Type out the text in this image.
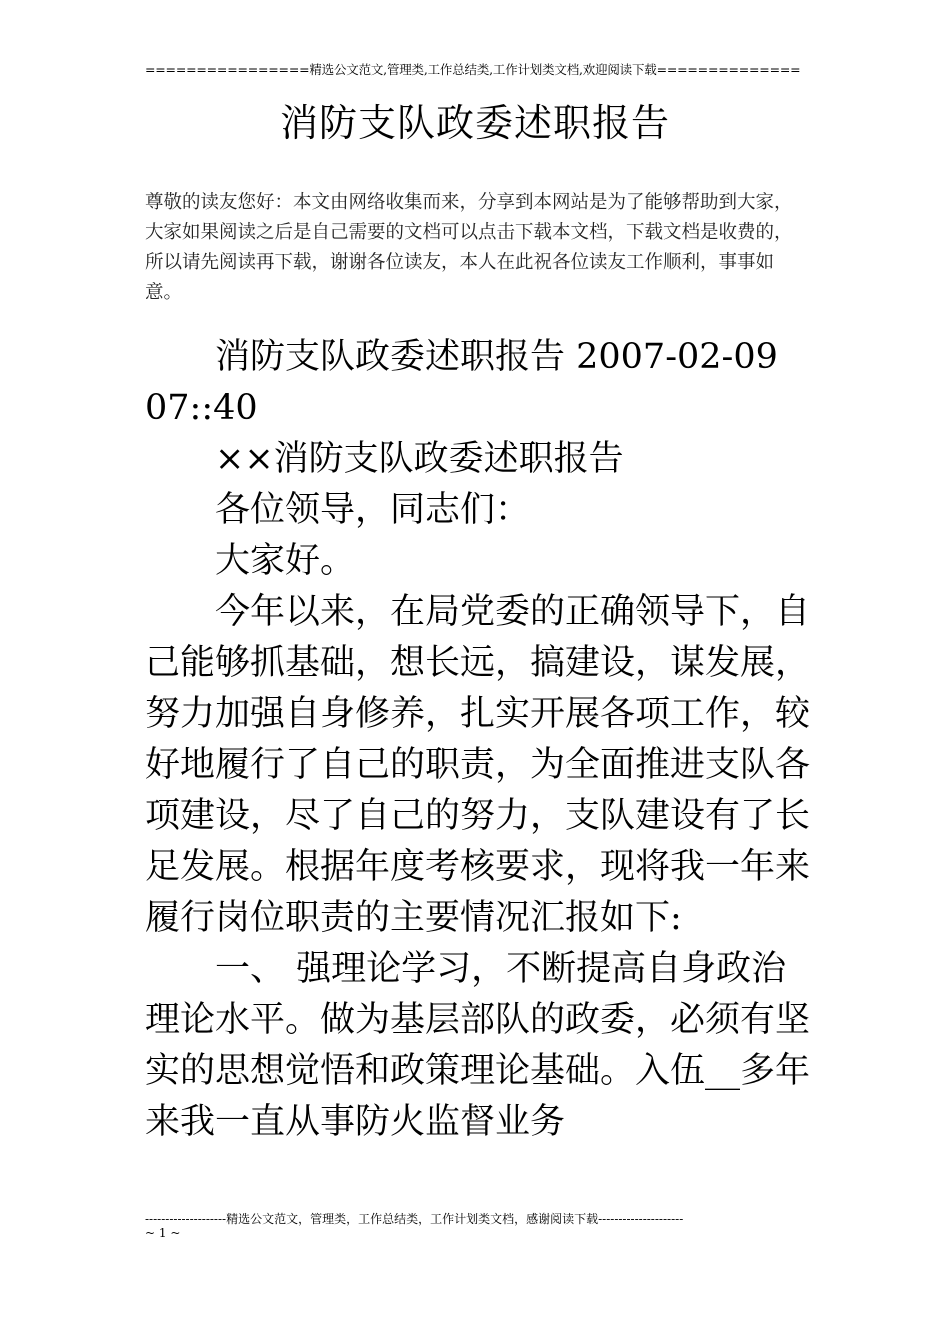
================精选公文范文,管理类,工作总结类,工作计划类文档,欢迎阅读下载==============
消防支队政委述职报告
尊敬的读友您好：本文由网络收集而来，分享到本网站是为了能够帮助到大家，大家如果阅读之后是自己需要的文档可以点击下载本文档，下载文档是收费的，所以请先阅读再下载，谢谢各位读友，本人在此祝各位读友工作顺利，事事如意。

消防支队政委述职报告 2007-02-09 07::40

××消防支队政委述职报告

各位领导，同志们：

大家好。

今年以来，在局党委的正确领导下，自己能够抓基础，想长远，搞建设，谋发展，努力加强自身修养，扎实开展各项工作，较好地履行了自己的职责，为全面推进支队各项建设，尽了自己的努力，支队建设有了长足发展。根据年度考核要求，现将我一年来履行岗位职责的主要情况汇报如下:

一、 强理论学习，不断提高自身政治理论水平。做为基层部队的政委，必须有坚实的思想觉悟和政策理论基础。入伍__多年来我一直从事防火监督业务

--------------------精选公文范文，管理类，工作总结类，工作计划类文档，感谢阅读下载---------------------
~ 1 ~
